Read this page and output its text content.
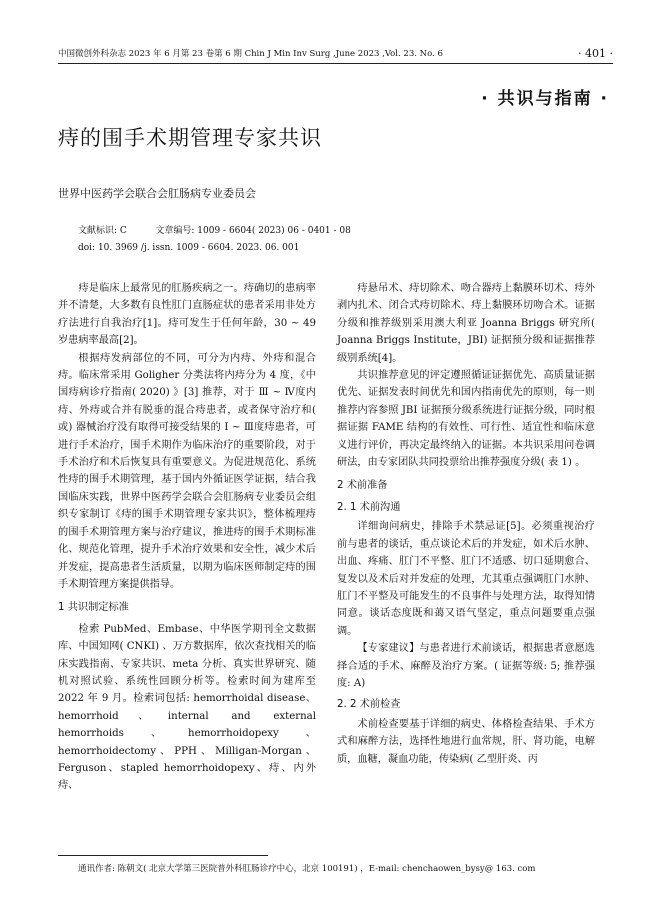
中国微创外科杂志 2023 年 6 月第 23 卷第 6 期 Chin J Min Inv Surg ,June 2023 ,Vol. 23. No. 6	· 401 ·
· 共识与指南 ·
痔的围手术期管理专家共识
世界中医药学会联合会肛肠病专业委员会
文献标识: C          文章编号: 1009 - 6604( 2023) 06 - 0401 - 08
doi: 10. 3969 /j. issn. 1009 - 6604. 2023. 06. 001

痔是临床上最常见的肛肠疾病之一。痔确切的患病率并不清楚，大多数有良性肛门直肠症状的患者采用非处方疗法进行自我治疗[1]。痔可发生于任何年龄，30 ~ 49 岁患病率最高[2]。

根据痔发病部位的不同，可分为内痔、外痔和混合痔。临床常采用 Goligher 分类法将内痔分为 4 度，《中国痔病诊疗指南( 2020) 》[3] 推荐，对于 Ⅲ ~ Ⅳ度内痔、外痔或合并有脱垂的混合痔患者，或者保守治疗和( 或) 器械治疗没有取得可接受结果的 Ⅰ ~ Ⅲ度痔患者，可进行手术治疗，围手术期作为临床治疗的重要阶段，对于手术治疗和术后恢复具有重要意义。为促进规范化、系统性痔的围手术期管理，基于国内外循证医学证据，结合我国临床实践，世界中医药学会联合会肛肠病专业委员会组织专家制订《痔的围手术期管理专家共识》，整体梳理痔的围手术期管理方案与治疗建议，推进痔的围手术期标准化、规范化管理，提升手术治疗效果和安全性，减少术后并发症，提高患者生活质量，以期为临床医师制定痔的围手术期管理方案提供指导。

1 共识制定标准

检索 PubMed、Embase、中华医学期刊全文数据库、中国知网( CNKI) 、万方数据库，依次查找相关的临床实践指南、专家共识、meta 分析、真实世界研究、随机对照试验、系统性回顾分析等。检索时间为建库至 2022 年 9 月。检索词包括: hemorrhoidal disease、hemorrhoid、internal and external hemorrhoids、hemorrhoidopexy、hemorrhoidectomy、PPH、Milligan-Morgan、Ferguson、stapled hemorrhoidopexy、痔、内外痔、

痔悬吊术、痔切除术、吻合器痔上黏膜环切术、痔外剥内扎术、闭合式痔切除术、痔上黏膜环切吻合术。证据分级和推荐级别采用澳大利亚 Joanna Briggs 研究所( Joanna Briggs Institute，JBI) 证据预分级和证据推荐级别系统[4]。

共识推荐意见的评定遵照循证证据优先、高质量证据优先、证据发表时间优先和国内指南优先的原则，每一则推荐内容参照 JBI 证据预分级系统进行证据分级，同时根据证据 FAME 结构的有效性、可行性、适宜性和临床意义进行评价，再决定最终纳入的证据。本共识采用问卷调研法，由专家团队共同投票给出推荐强度分级( 表 1) 。

2 术前准备
2. 1 术前沟通

详细询问病史，排除手术禁忌证[5]。必须重视治疗前与患者的谈话，重点谈论术后的并发症，如术后水肿、出血、疼痛、肛门不平整、肛门不适感、切口延期愈合、复发以及术后对并发症的处理，尤其重点强调肛门水肿、肛门不平整及可能发生的不良事件与处理方法，取得知情同意。谈话态度既和蔼又语气坚定，重点问题要重点强调。

【专家建议】与患者进行术前谈话，根据患者意愿选择合适的手术、麻醉及治疗方案。( 证据等级: 5; 推荐强度: A)

2. 2 术前检查

术前检查要基于详细的病史、体格检查结果、手术方式和麻醉方法，选择性地进行血常规，肝、肾功能，电解质，血糖，凝血功能，传染病( 乙型肝炎、丙

通讯作者: 陈朝文( 北京大学第三医院普外科肛肠诊疗中心，北京 100191) ，E-mail: chenchaowen_bysy@ 163. com
